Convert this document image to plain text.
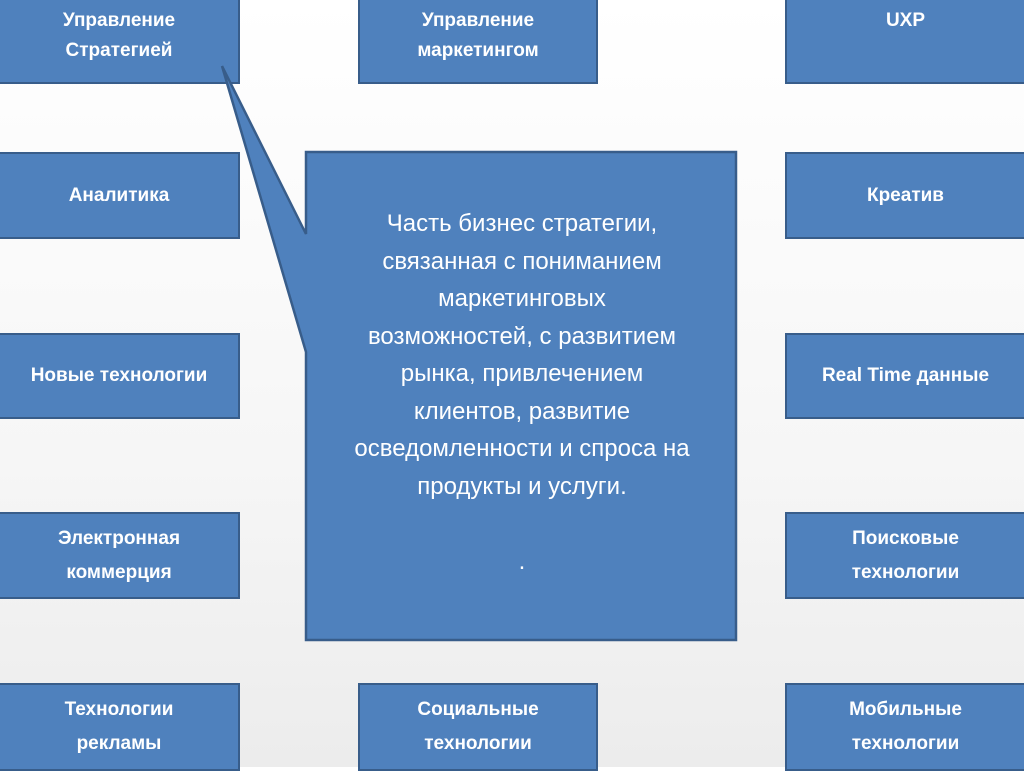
Управление
Стратегией
Управление
маркетингом
UXP
Аналитика	Креатив
Новые технологии	Real Time данные
Электронная
коммерция
Поисковые
технологии
Технологии
рекламы
Социальные
технологии
Мобильные
технологии
Часть бизнес стратегии,
связанная с пониманием
маркетинговых
возможностей, с развитием
рынка, привлечением
клиентов, развитие
осведомленности и спроса на
продукты и услуги.
.
